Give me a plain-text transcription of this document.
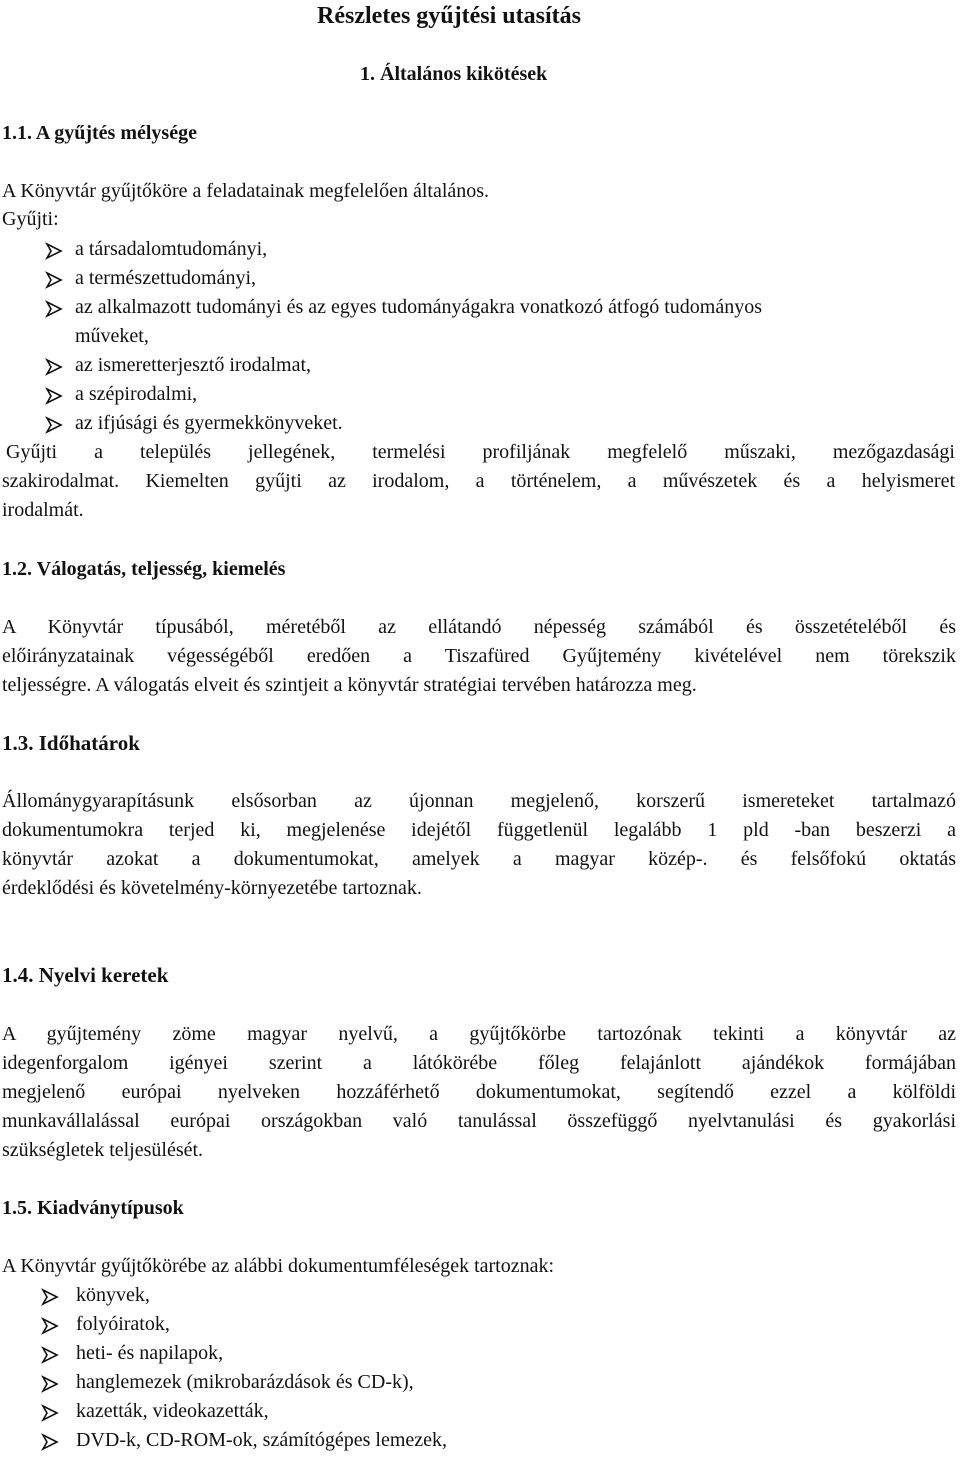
Részletes gyűjtési utasítás
1. Általános kikötések
1.1. A gyűjtés mélysége
A Könyvtár gyűjtőköre a feladatainak megfelelően általános.
Gyűjti:
a társadalomtudományi,
a természettudományi,
az alkalmazott tudományi és az egyes tudományágakra vonatkozó átfogó tudományos
műveket,
az ismeretterjesztő irodalmat,
a szépirodalmi,
az ifjúsági és gyermekkönyveket.
Gyűjti a település jellegének, termelési profiljának megfelelő műszaki, mezőgazdasági
szakirodalmat. Kiemelten gyűjti az irodalom, a történelem, a művészetek és a helyismeret
irodalmát.
1.2. Válogatás, teljesség, kiemelés
A Könyvtár típusából, méretéből az ellátandó népesség számából és összetételéből és
előirányzatainak végességéből eredően a Tiszafüred Gyűjtemény kivételével nem törekszik
teljességre. A válogatás elveit és szintjeit a könyvtár stratégiai tervében határozza meg.
1.3. Időhatárok
Állománygyarapításunk elsősorban az újonnan megjelenő, korszerű ismereteket tartalmazó
dokumentumokra terjed ki, megjelenése idejétől függetlenül legalább 1 pld -ban beszerzi a
könyvtár azokat a dokumentumokat, amelyek a magyar közép-. és felsőfokú oktatás
érdeklődési és követelmény-környezetébe tartoznak.
1.4. Nyelvi keretek
A gyűjtemény zöme magyar nyelvű, a gyűjtőkörbe tartozónak tekinti a könyvtár az
idegenforgalom igényei szerint a látókörébe főleg felajánlott ajándékok formájában
megjelenő európai nyelveken hozzáférhető dokumentumokat, segítendő ezzel a kölföldi
munkavállalással európai országokban való tanulással összefüggő nyelvtanulási és gyakorlási
szükségletek teljesülését.
1.5. Kiadványtípusok
A Könyvtár gyűjtőkörébe az alábbi dokumentumféleségek tartoznak:
könyvek,
folyóiratok,
heti- és napilapok,
hanglemezek (mikrobarázdások és CD-k),
kazetták, videokazetták,
DVD-k, CD-ROM-ok, számítógépes lemezek,
